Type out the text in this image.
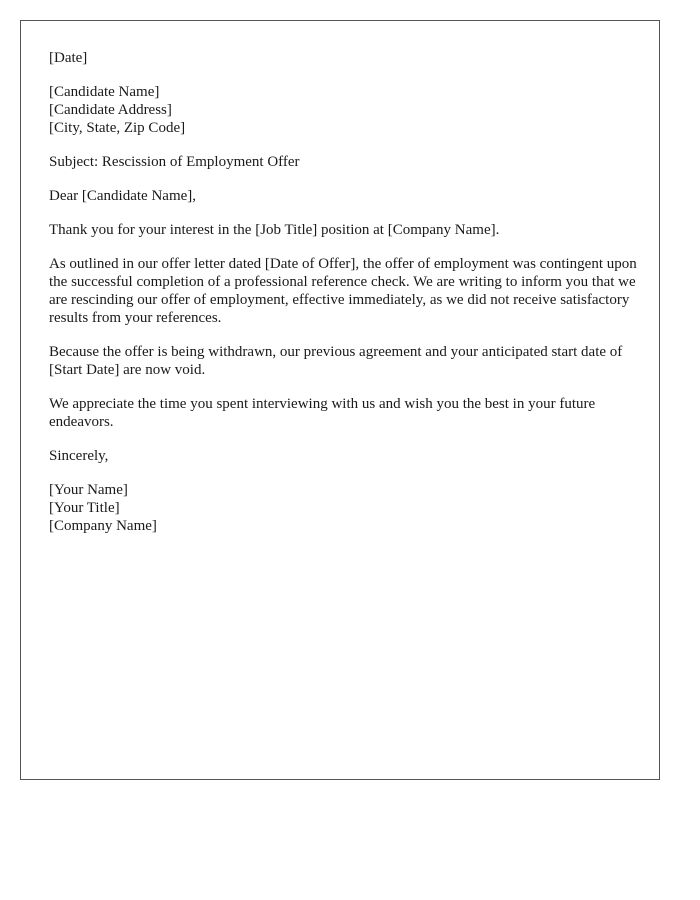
[Date]
[Candidate Name]
[Candidate Address]
[City, State, Zip Code]
Subject: Rescission of Employment Offer
Dear [Candidate Name],

Thank you for your interest in the [Job Title] position at [Company Name].

As outlined in our offer letter dated [Date of Offer], the offer of employment was contingent upon the successful completion of a professional reference check. We are writing to inform you that we are rescinding our offer of employment, effective immediately, as we did not receive satisfactory results from your references.

Because the offer is being withdrawn, our previous agreement and your anticipated start date of [Start Date] are now void.

We appreciate the time you spent interviewing with us and wish you the best in your future endeavors.

Sincerely,
[Your Name]
[Your Title]
[Company Name]
